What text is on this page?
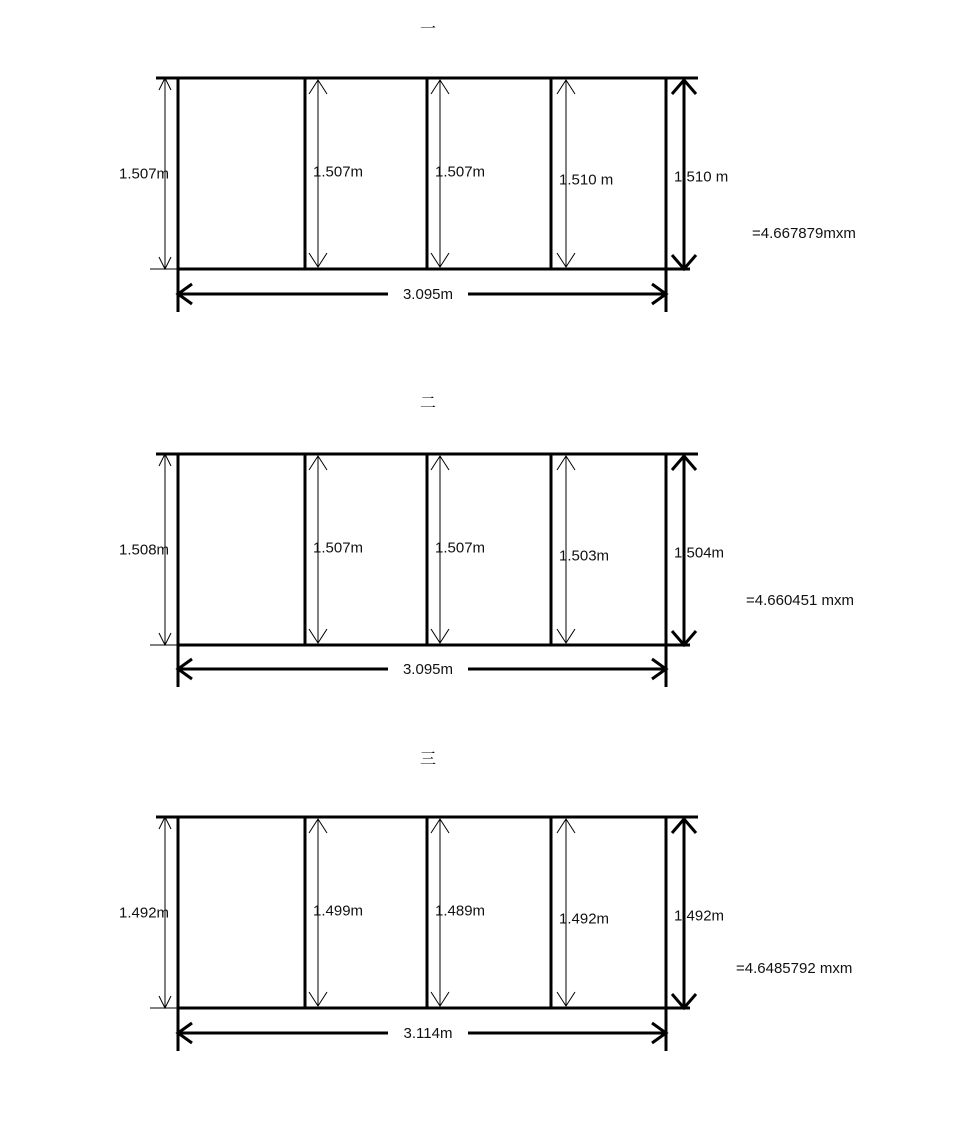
一
1.507m	1.507m	1.507m	1.510 m	1.510 m
3.095m
=4.667879mxm
二
1.508m	1.507m	1.507m	1.503m	1.504m
3.095m
=4.660451 mxm
三
1.492m	1.499m	1.489m	1.492m	1.492m
3.114m
=4.6485792 mxm
